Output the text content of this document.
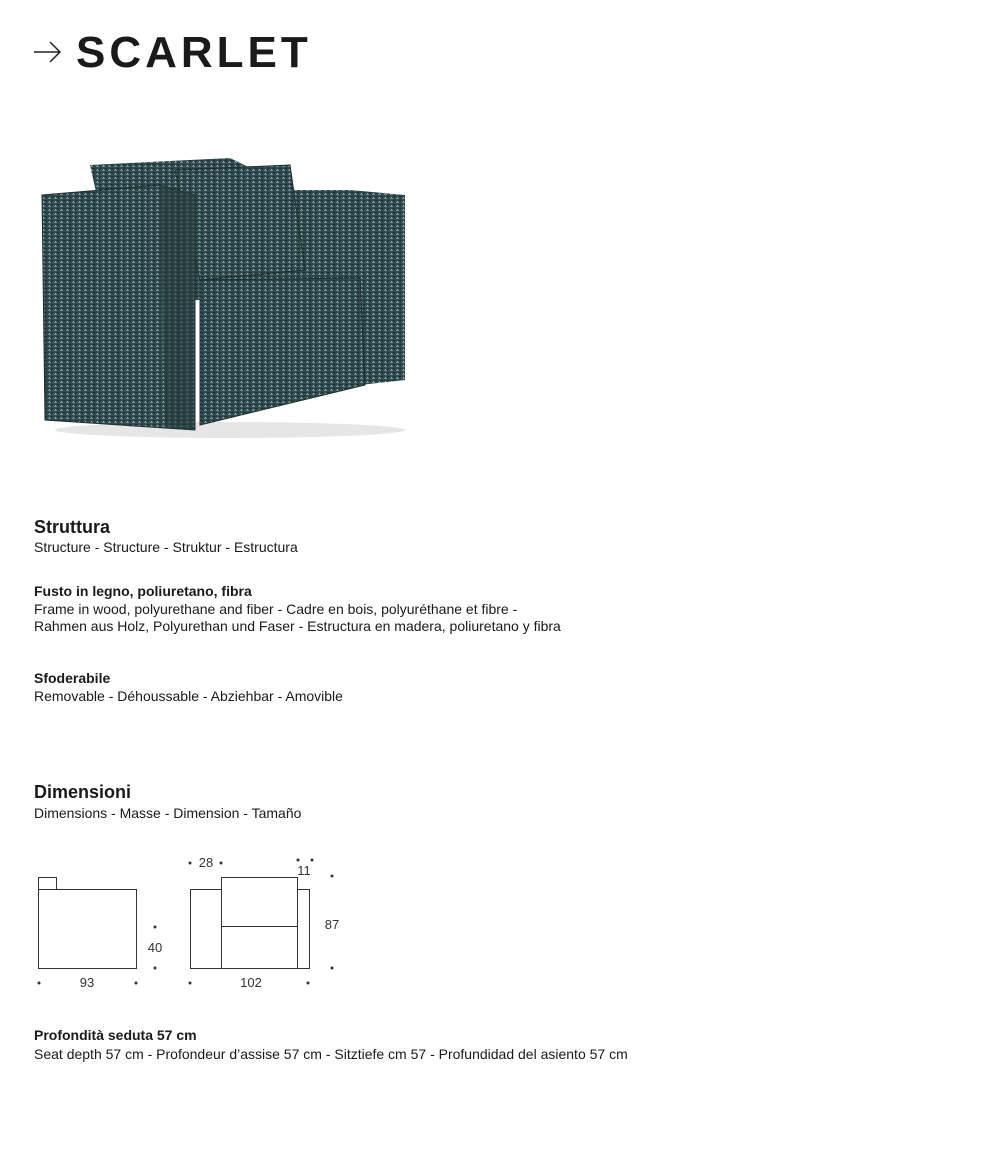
SCARLET
Struttura
Structure - Structure - Struktur - Estructura
Fusto in legno, poliuretano, fibra
Frame in wood, polyurethane and fiber - Cadre en bois, polyuréthane et fibre -
Rahmen aus Holz, Polyurethan und Faser - Estructura en madera, poliuretano y fibra
Sfoderabile
Removable - Déhoussable - Abziehbar - Amovible
Dimensioni
Dimensions - Masse - Dimension - Tamaño
40
93
28
11
87
102
Profondità seduta 57 cm
Seat depth 57 cm - Profondeur d’assise 57 cm - Sitztiefe cm 57 - Profundidad del asiento 57 cm
